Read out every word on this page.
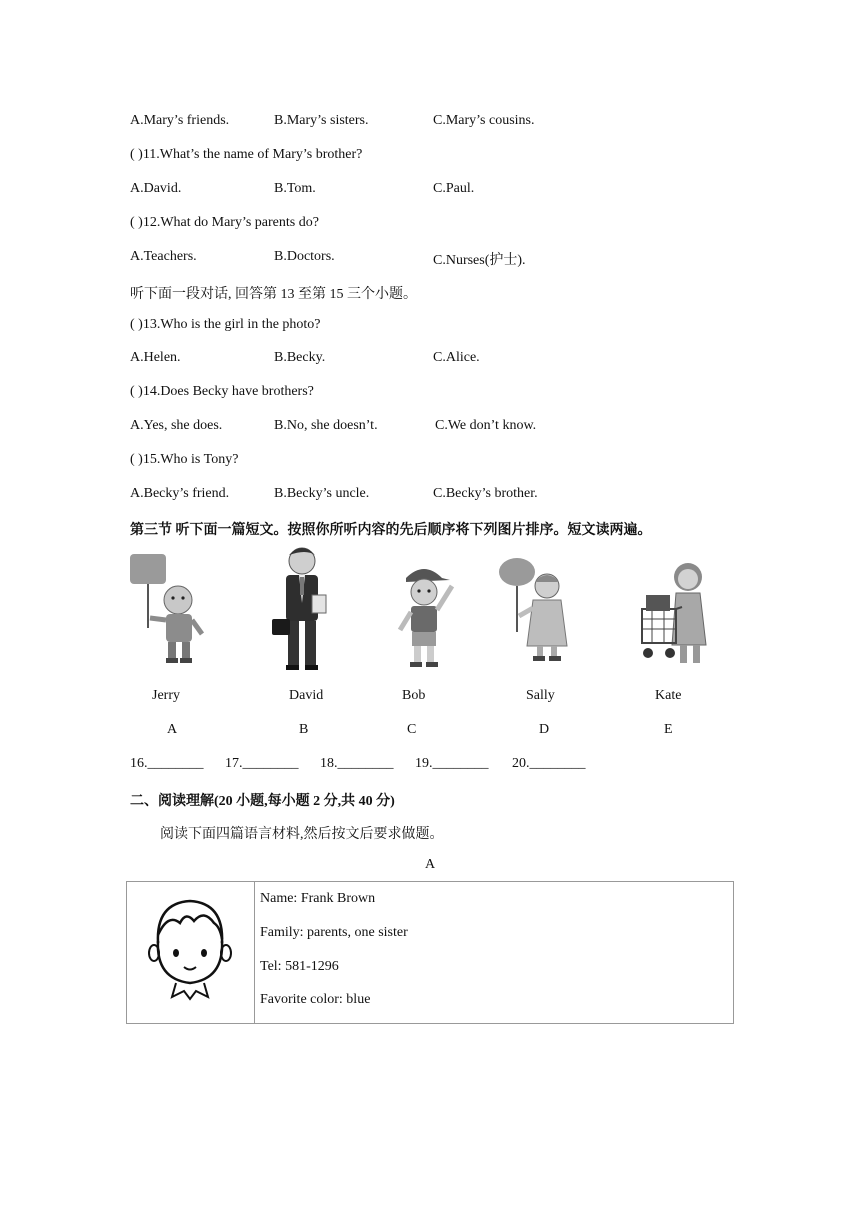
A.Mary’s friends.	B.Mary’s sisters.	C.Mary’s cousins.
( )11.What’s the name of Mary’s brother?
A.David.	B.Tom.	C.Paul.
( )12.What do Mary’s parents do?
A.Teachers.	B.Doctors.	C.Nurses(护士).
听下面一段对话, 回答第 13 至第 15 三个小题。
( )13.Who is the girl in the photo?
A.Helen.	B.Becky.	C.Alice.
( )14.Does Becky have brothers?
A.Yes, she does.	B.No, she doesn’t.	C.We don’t know.
( )15.Who is Tony?
A.Becky’s friend.	B.Becky’s uncle.	C.Becky’s brother.
第三节 听下面一篇短文。按照你所听内容的先后顺序将下列图片排序。短文读两遍。
Jerry	David	Bob	Sally	Kate
A	B	C	D	E
16.________ 17.________ 18.________ 19.________ 20.________
二、阅读理解(20 小题,每小题 2 分,共 40 分)
阅读下面四篇语言材料,然后按文后要求做题。
A

Name: Frank Brown
Family: parents, one sister
Tel: 581-1296
Favorite color: blue
